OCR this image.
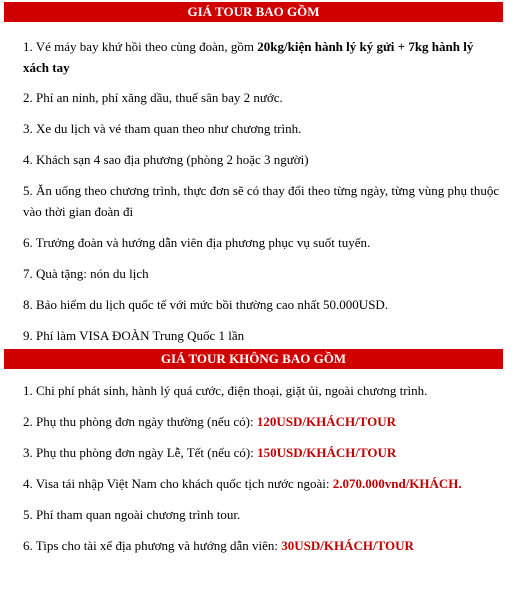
GIÁ TOUR BAO GỒM
1. Vé máy bay khứ hồi theo cùng đoàn, gồm 20kg/kiện hành lý ký gửi + 7kg hành lý xách tay
2. Phí an ninh, phí xăng dầu, thuế sân bay 2 nước.
3. Xe du lịch và vé tham quan theo như chương trình.
4. Khách sạn 4 sao địa phương (phòng 2 hoặc 3 người)
5. Ăn uống theo chương trình, thực đơn sẽ có thay đổi theo từng ngày, từng vùng phụ thuộc vào thời gian đoàn đi
6. Trưởng đoàn và hướng dẫn viên địa phương phục vụ suốt tuyến.
7. Quà tặng: nón du lịch
8. Bảo hiểm du lịch quốc tế với mức bồi thường cao nhất 50.000USD.
9. Phí làm VISA ĐOÀN Trung Quốc 1 lần
GIÁ TOUR KHÔNG BAO GỒM
1. Chi phí phát sinh, hành lý quá cước, điện thoại, giặt ủi, ngoài chương trình.
2. Phụ thu phòng đơn ngày thường (nếu có): 120USD/KHÁCH/TOUR
3. Phụ thu phòng đơn ngày Lễ, Tết (nếu có): 150USD/KHÁCH/TOUR
4. Visa tái nhập Việt Nam cho khách quốc tịch nước ngoài: 2.070.000vnd/KHÁCH.
5. Phí tham quan ngoài chương trình tour.
6. Tips cho tài xế địa phương và hướng dẫn viên: 30USD/KHÁCH/TOUR
